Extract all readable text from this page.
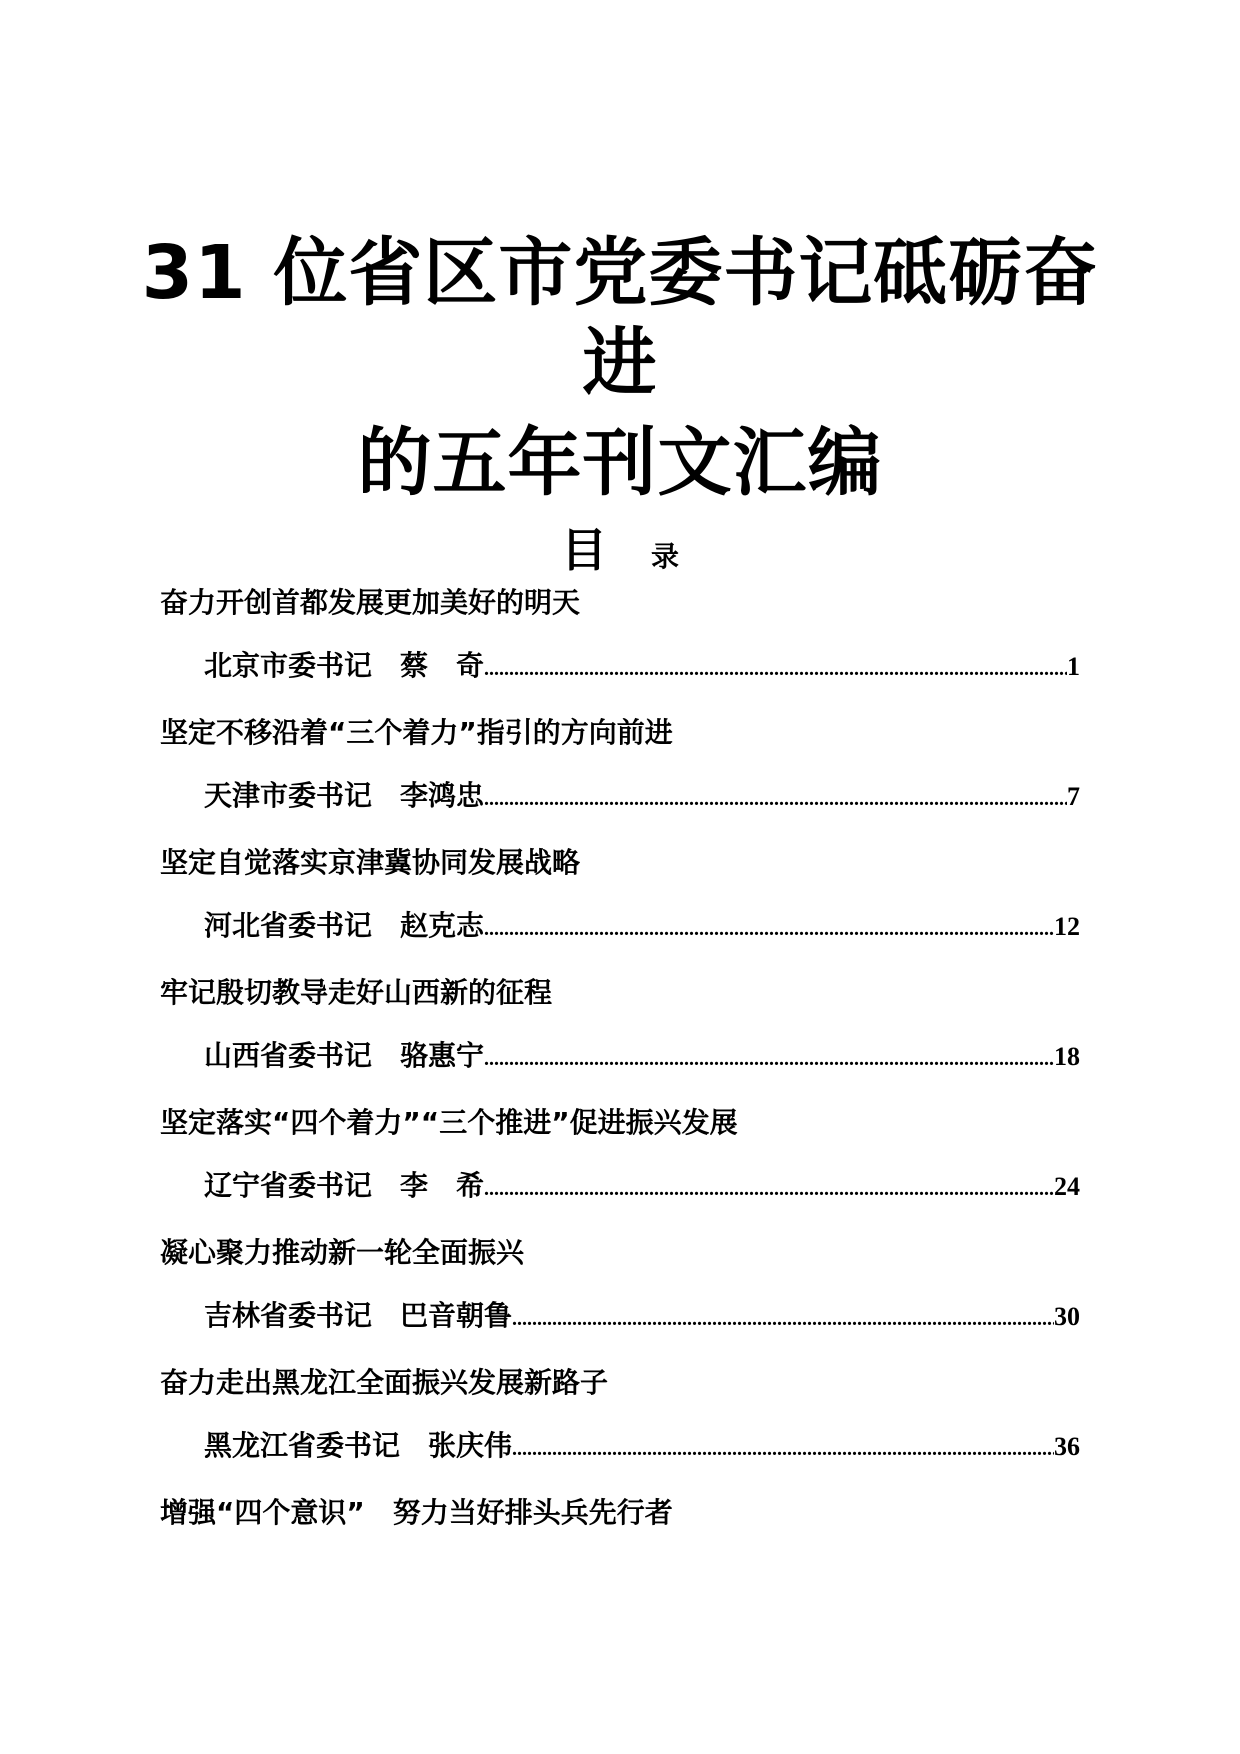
31 位省区市党委书记砥砺奋
进
的五年刊文汇编
目 录
奋力开创首都发展更加美好的明天
北京市委书记　蔡　奇 .....	1
坚定不移沿着“三个着力”指引的方向前进
天津市委书记　李鸿忠 .....	7
坚定自觉落实京津冀协同发展战略
河北省委书记　赵克志 .....	12
牢记殷切教导走好山西新的征程
山西省委书记　骆惠宁 .....	18
坚定落实“四个着力”“三个推进”促进振兴发展
辽宁省委书记　李　希 .....	24
凝心聚力推动新一轮全面振兴
吉林省委书记　巴音朝鲁 .....	30
奋力走出黑龙江全面振兴发展新路子
黑龙江省委书记　张庆伟 .....	36
增强“四个意识”　努力当好排头兵先行者
